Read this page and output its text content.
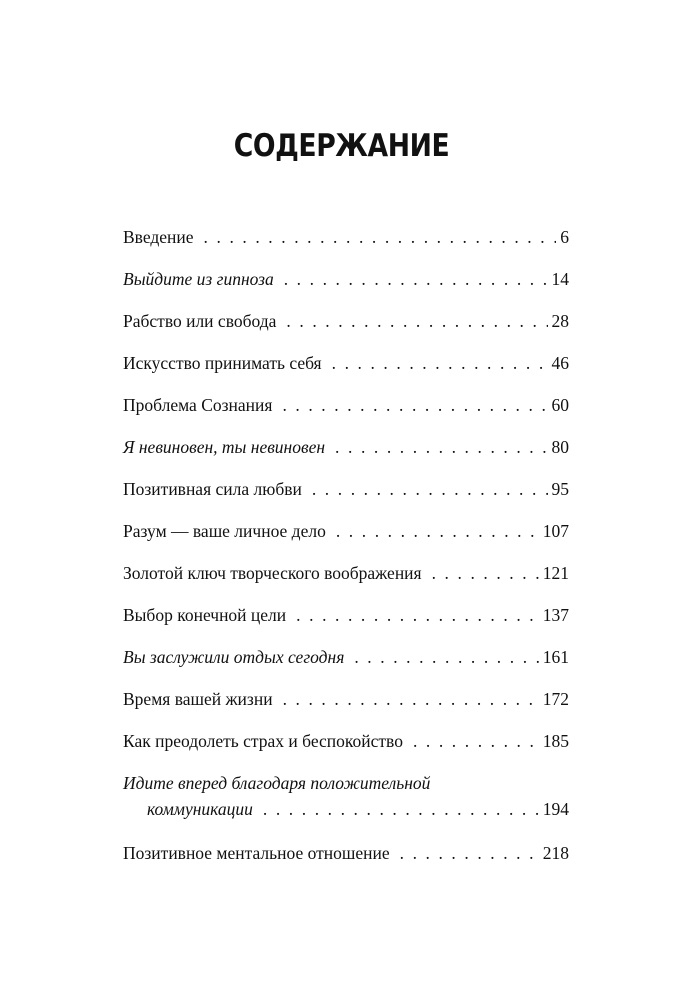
СОДЕРЖАНИЕ
Введение . . .	6
Выйдите из гипноза . . .	14
Рабство или свобода . . .	28
Искусство принимать себя . . .	46
Проблема Сознания . . .	60
Я невиновен, ты невиновен . . .	80
Позитивная сила любви . . .	95
Разум — ваше личное дело . . .	107
Золотой ключ творческого воображения . . .	121
Выбор конечной цели . . .	137
Вы заслужили отдых сегодня . . .	161
Время вашей жизни . . .	172
Как преодолеть страх и беспокойство . . .	185
Идите вперед благодаря положительной
коммуникации . . .	194
Позитивное ментальное отношение . . .	218
